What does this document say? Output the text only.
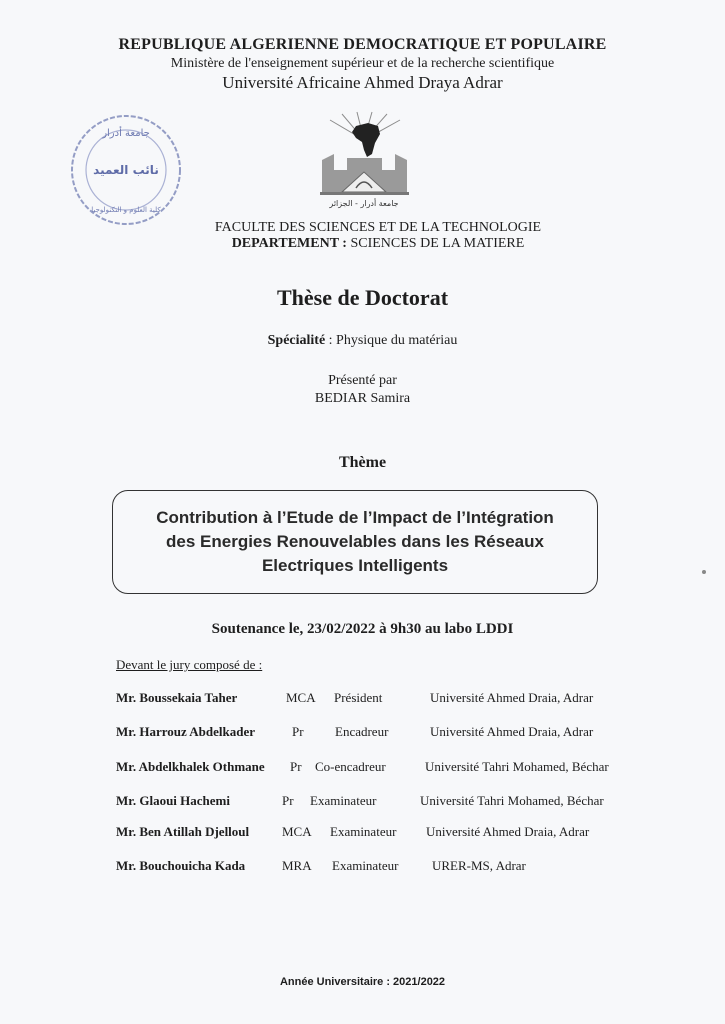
REPUBLIQUE ALGERIENNE DEMOCRATIQUE ET POPULAIRE
Ministère de l'enseignement supérieur et de la recherche scientifique
Université Africaine Ahmed Draya Adrar
جامعة أدرار
نائب العميد
كلية العلوم و التكنولوجيا
جامعة أدرار - الجزائر
FACULTE DES SCIENCES ET DE LA TECHNOLOGIE
DEPARTEMENT : SCIENCES DE LA MATIERE
Thèse de Doctorat
Spécialité : Physique du matériau
Présenté par
BEDIAR Samira
Thème
Contribution à l’Etude de l’Impact de l’Intégration
des Energies Renouvelables dans les Réseaux
Electriques Intelligents
Soutenance le, 23/02/2022 à 9h30 au labo LDDI
Devant le jury composé de :
Mr. Boussekaia Taher	MCA Président	Université Ahmed Draia, Adrar
Mr. Harrouz Abdelkader	Pr Encadreur	Université Ahmed Draia, Adrar
Mr. Abdelkhalek Othmane Pr Co-encadreur	Université Tahri Mohamed, Béchar
Mr. Glaoui Hachemi	Pr Examinateur	Université Tahri Mohamed, Béchar
Mr. Ben Atillah Djelloul	MCA Examinateur Université Ahmed Draia, Adrar
Mr. Bouchouicha Kada	MRA Examinateur	URER-MS, Adrar
Année Universitaire : 2021/2022
